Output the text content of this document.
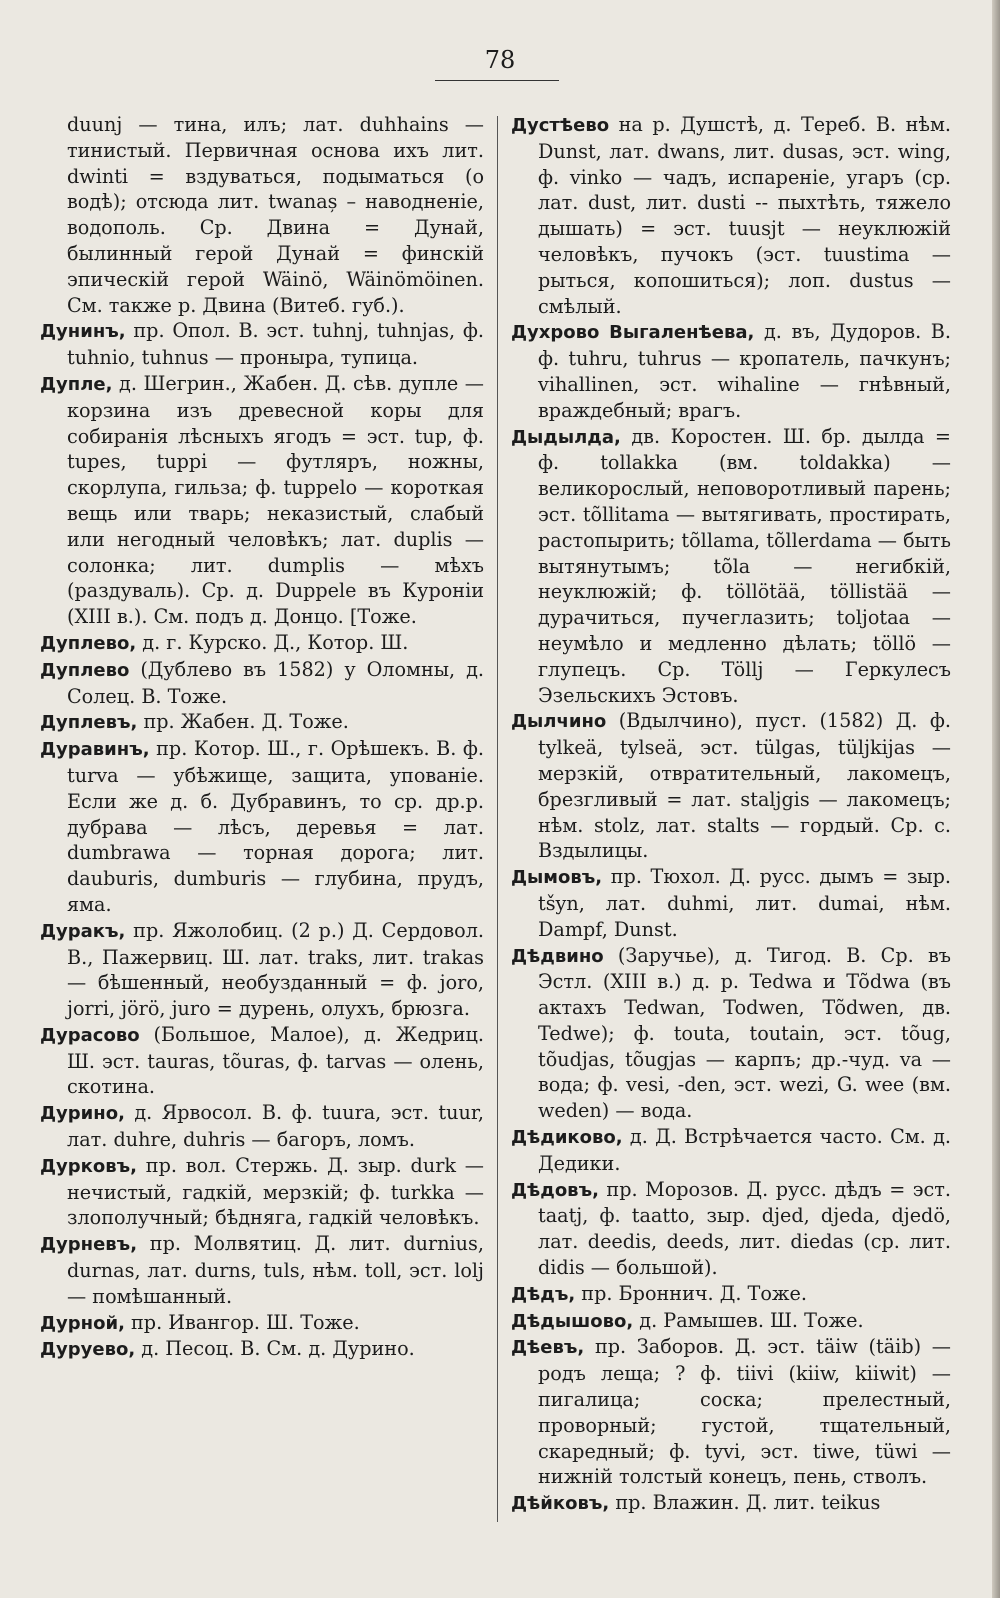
78

duunj — тина, илъ; лат. duhhains — тинистый. Первичная основа ихъ лит. dwinti = вздуваться, подыматься (о водѣ); отсюда лит. twanaș – наводненіе, водополь. Ср. Двина = Дунай, былинный герой Дунай = финскій эпическій герой Wäinö, Wäinömöinen. См. также р. Двина (Витеб. губ.).

Дунинъ, пр. Опол. В. эст. tuhnj, tuhnjas, ф. tuhnio, tuhnus — проныра, тупица.

Дупле, д. Шегрин., Жабен. Д. сѣв. дупле — корзина изъ древесной коры для собиранія лѣсныхъ ягодъ = эст. tup, ф. tupes, tuppi — футляръ, ножны, скорлупа, гильза; ф. tuppelo — короткая вещь или тварь; неказистый, слабый или негодный человѣкъ; лат. duplis — солонка; лит. dumplis — мѣхъ (раздуваль). Ср. д. Duppele въ Куроніи (XIII в.). См. подъ д. Донцо. [Тоже.

Дуплево, д. г. Курско. Д., Котор. Ш.

Дуплево (Дублево въ 1582) у Оломны, д. Солец. В. Тоже.

Дуплевъ, пр. Жабен. Д. Тоже.

Дуравинъ, пр. Котор. Ш., г. Орѣшекъ. В. ф. turva — убѣжище, защита, упованіе. Если же д. б. Дубравинъ, то ср. др.р. дубрава — лѣсъ, деревья = лат. dumbrawa — торная дорога; лит. dauburis, dumburis — глубина, прудъ, яма.

Дуракъ, пр. Яжолобиц. (2 р.) Д. Сердовол. В., Пажервиц. Ш. лат. traks, лит. trakas — бѣшенный, необузданный = ф. joro, jorri, jörö, juro = дурень, олухъ, брюзга.

Дурасово (Большое, Малое), д. Жедриц. Ш. эст. tauras, tõuras, ф. tarvas — олень, скотина.

Дурино, д. Ярвосол. В. ф. tuura, эст. tuur, лат. duhre, duhris — багоръ, ломъ.

Дурковъ, пр. вол. Стержь. Д. зыр. durk — нечистый, гадкій, мерзкій; ф. turkka — злополучный; бѣдняга, гадкій человѣкъ.

Дурневъ, пр. Молвятиц. Д. лит. durnius, durnas, лат. durns, tuls, нѣм. toll, эст. lolj — помѣшанный.

Дурной, пр. Ивангор. Ш. Тоже.

Дуруево, д. Песоц. В. См. д. Дурино.

Дустѣево на р. Душстѣ, д. Тереб. В. нѣм. Dunst, лат. dwans, лит. dusas, эст. wing, ф. vinko — чадъ, испареніе, угаръ (ср. лат. dust, лит. dusti -- пыхтѣть, тяжело дышать) = эст. tuusjt — неуклюжій человѣкъ, пучокъ (эст. tuustima — рыться, копошиться); лоп. dustus — смѣлый.

Духрово Выгаленѣева, д. въ, Дудоров. В. ф. tuhru, tuhrus — кропатель, пачкунъ; vihallinen, эст. wihaline — гнѣвный, враждебный; врагъ.

Дыдылда, дв. Коростен. Ш. бр. дылда = ф. tollakka (вм. toldakka) — великорослый, неповоротливый парень; эст. tõllitama — вытягивать, простирать, растопырить; tõllama, tõllerdama — быть вытянутымъ; tõla — негибкій, неуклюжій; ф. töllötää, töllistää — дурачиться, пучеглазить; toljotaa — неумѣло и медленно дѣлать; töllö — глупецъ. Ср. Töllj — Геркулесъ Эзельскихъ Эстовъ.

Дылчино (Вдылчино), пуст. (1582) Д. ф. tylkeä, tylseä, эст. tülgas, tüljkijas — мерзкій, отвратительный, лакомецъ, брезгливый = лат. staljgis — лакомецъ; нѣм. stolz, лат. stalts — гордый. Ср. с. Вздылицы.

Дымовъ, пр. Тюхол. Д. русс. дымъ = зыр. tšyn, лат. duhmi, лит. dumai, нѣм. Dampf, Dunst.

Дѣдвино (Заручье), д. Тигод. В. Ср. въ Эстл. (XIII в.) д. р. Tedwa и Tõdwa (въ актахъ Tedwan, Todwen, Tõdwen, дв. Tedwe); ф. touta, toutain, эст. tõug, tõudjas, tõugjas — карпъ; др.-чуд. va — вода; ф. vesi, -den, эст. wezi, G. wee (вм. weden) — вода.

Дѣдиково, д. Д. Встрѣчается часто. См. д. Дедики.

Дѣдовъ, пр. Морозов. Д. русс. дѣдъ = эст. taatj, ф. taatto, зыр. djed, djeda, djedö, лат. deedis, deeds, лит. diedas (ср. лит. didis — большой).

Дѣдъ, пр. Броннич. Д. Тоже.

Дѣдышово, д. Рамышев. Ш. Тоже.

Дѣевъ, пр. Заборов. Д. эст. täiw (täib) — родъ леща; ? ф. tiivi (kiiw, kiiwit) — пигалица; соска; прелестный, проворный; густой, тщательный, скаредный; ф. tyvi, эст. tiwe, tüwi — нижній толстый конецъ, пень, стволъ.

Дѣйковъ, пр. Влажин. Д. лит. teikus
